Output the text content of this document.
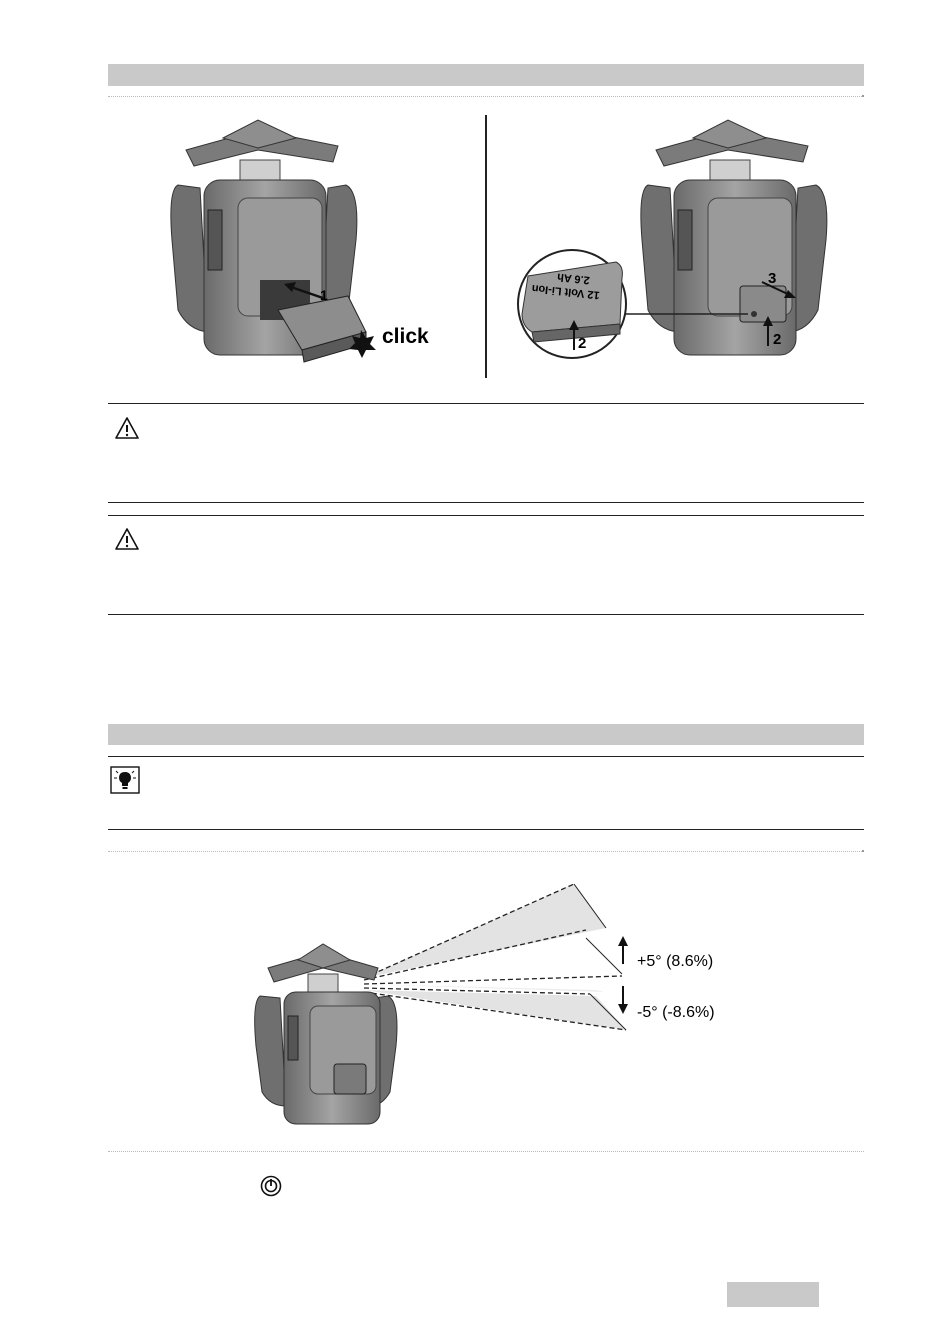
1
click
3
2
12 Volt Li-Ion
2.6 Ah
2
+5° (8.6%)
-5° (-8.6%)
